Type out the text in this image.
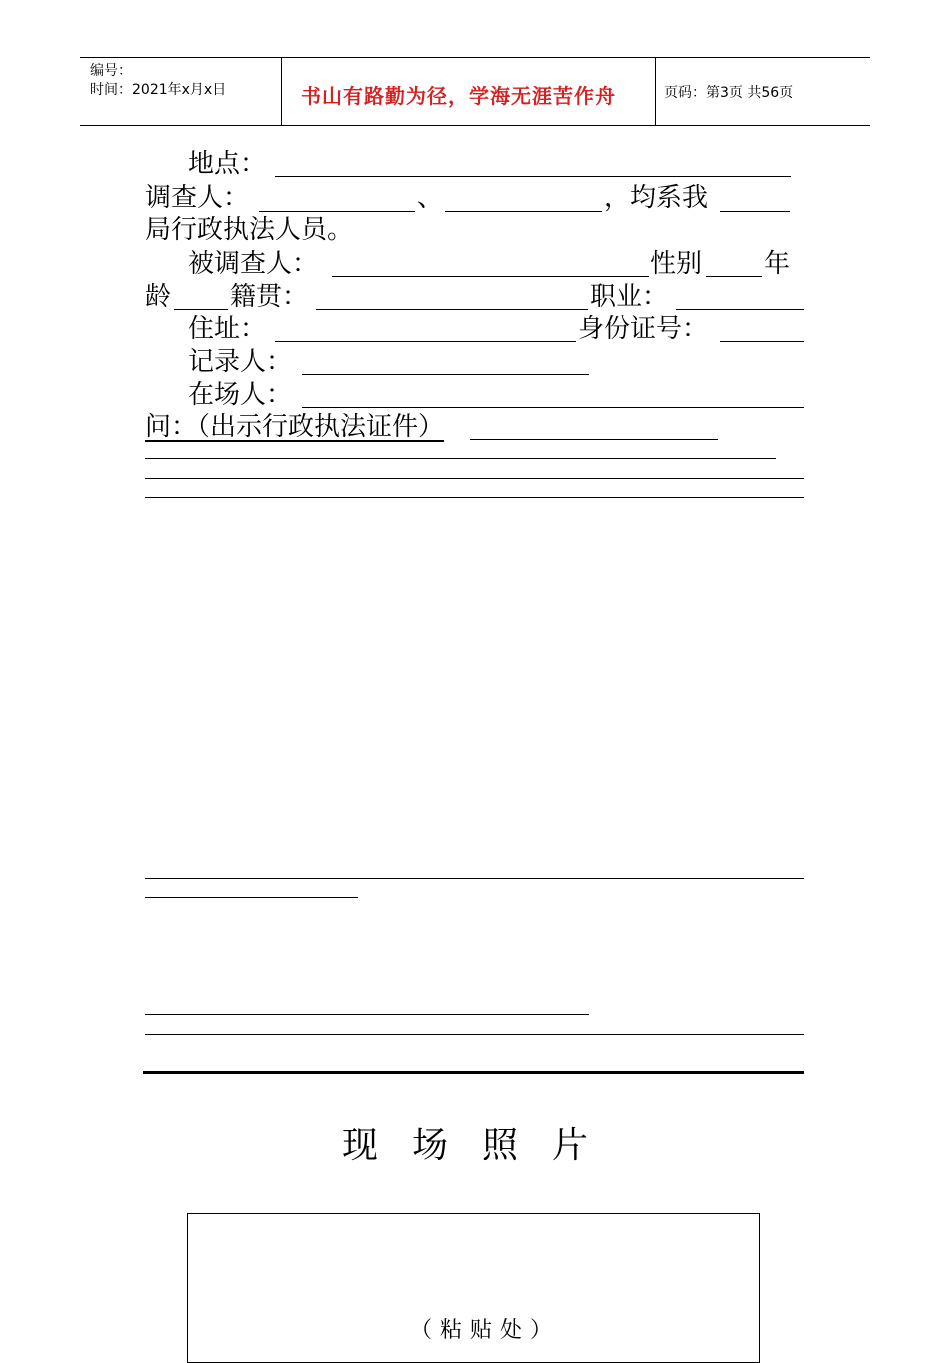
编号：
时间：2021年x月x日	书山有路勤为径，学海无涯苦作舟	页码：第3页 共56页
地点：
调查人：	、	，均系我
局行政执法人员。
被调查人：	性别 年
龄 籍贯：	职业：
住址：	身份证号：
记录人：
在场人：
问：（出示行政执法证件）
现场照片
（粘贴处）
